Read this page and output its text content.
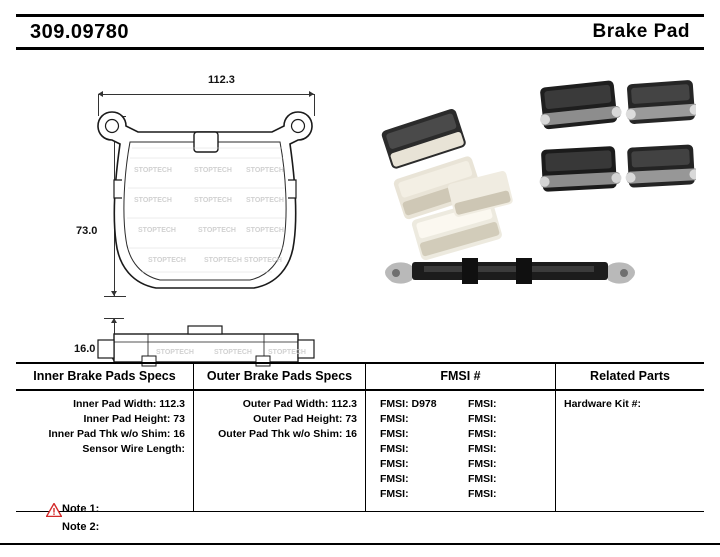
309.09780	Brake Pad
112.3
73.0
16.0
STOPTECH	STOPTECH STOPTECH
STOPTECH	STOPTECH STOPTECH
STOPTECH	STOPTECH STOPTECH
STOPTECH	STOPTECH STOPTECH
STOPTECH	STOPTECH STOPTECH
Inner Brake Pads Specs	Outer Brake Pads Specs	FMSI #	Related Parts
Inner Pad Width: 112.3
Inner Pad Height: 73
Inner Pad Thk w/o Shim: 16
Sensor Wire Length:
Outer Pad Width: 112.3
Outer Pad Height: 73
Outer Pad Thk w/o Shim: 16
FMSI: D978	FMSI:
FMSI:	FMSI:
FMSI:	FMSI:
FMSI:	FMSI:
FMSI:	FMSI:
FMSI:	FMSI:
FMSI:	FMSI:
Hardware Kit #:
Note 1:
Note 2:
